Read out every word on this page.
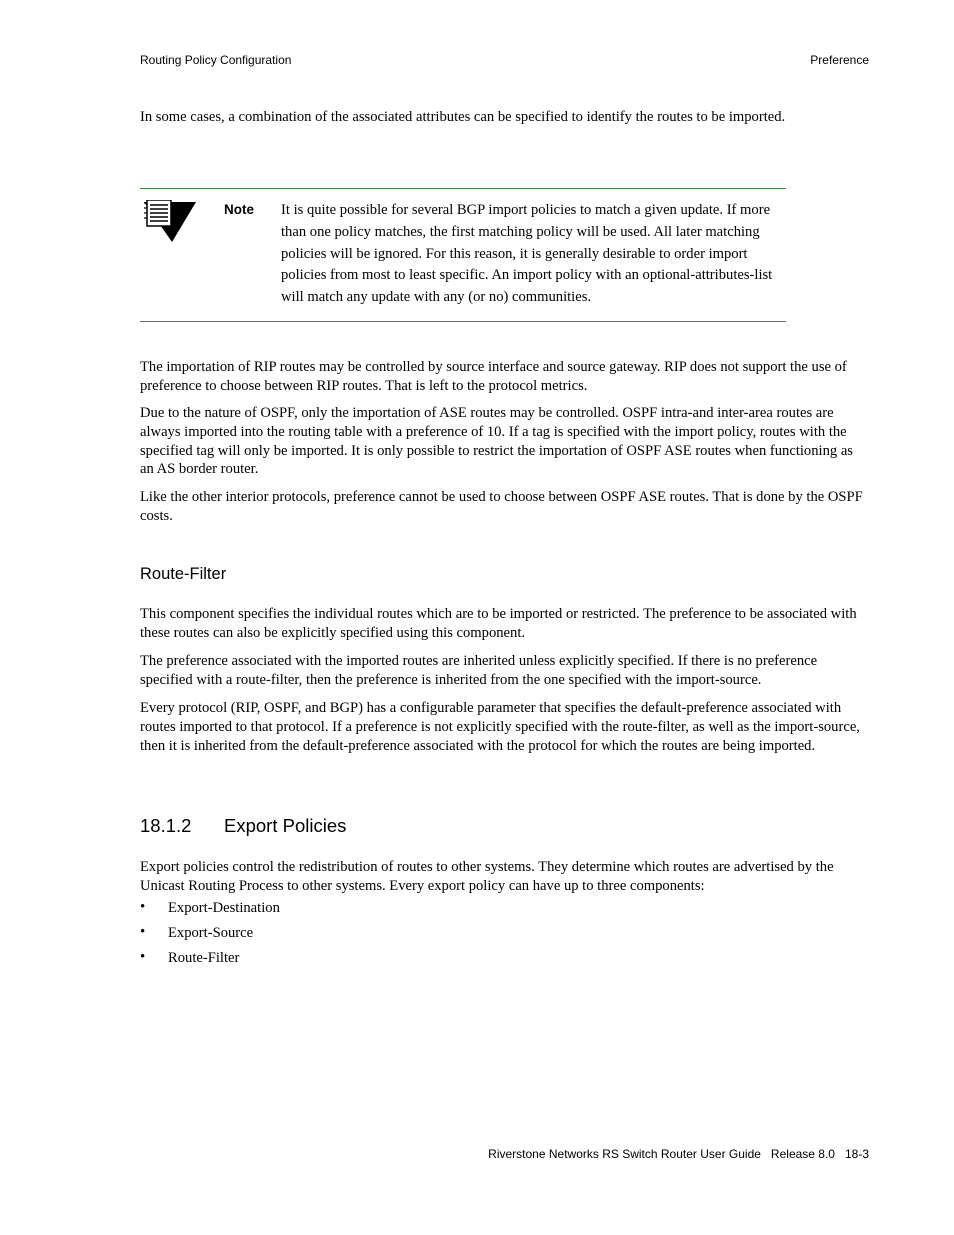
Routing Policy Configuration	Preference

In some cases, a combination of the associated attributes can be specified to identify the routes to be imported.

Note It is quite possible for several BGP import policies to match a given update. If more than one policy matches, the first matching policy will be used. All later matching policies will be ignored. For this reason, it is generally desirable to order import policies from most to least specific. An import policy with an optional-attributes-list will match any update with any (or no) communities.

The importation of RIP routes may be controlled by source interface and source gateway. RIP does not support the use of preference to choose between RIP routes. That is left to the protocol metrics.

Due to the nature of OSPF, only the importation of ASE routes may be controlled. OSPF intra-and inter-area routes are always imported into the routing table with a preference of 10. If a tag is specified with the import policy, routes with the specified tag will only be imported. It is only possible to restrict the importation of OSPF ASE routes when functioning as an AS border router.

Like the other interior protocols, preference cannot be used to choose between OSPF ASE routes. That is done by the OSPF costs.

Route-Filter

This component specifies the individual routes which are to be imported or restricted. The preference to be associated with these routes can also be explicitly specified using this component.

The preference associated with the imported routes are inherited unless explicitly specified. If there is no preference specified with a route-filter, then the preference is inherited from the one specified with the import-source.

Every protocol (RIP, OSPF, and BGP) has a configurable parameter that specifies the default-preference associated with routes imported to that protocol. If a preference is not explicitly specified with the route-filter, as well as the import-source, then it is inherited from the default-preference associated with the protocol for which the routes are being imported.

18.1.2 Export Policies

Export policies control the redistribution of routes to other systems. They determine which routes are advertised by the Unicast Routing Process to other systems. Every export policy can have up to three components:

• Export-Destination
• Export-Source
• Route-Filter
Riverstone Networks RS Switch Router User Guide   Release 8.0   18-3
